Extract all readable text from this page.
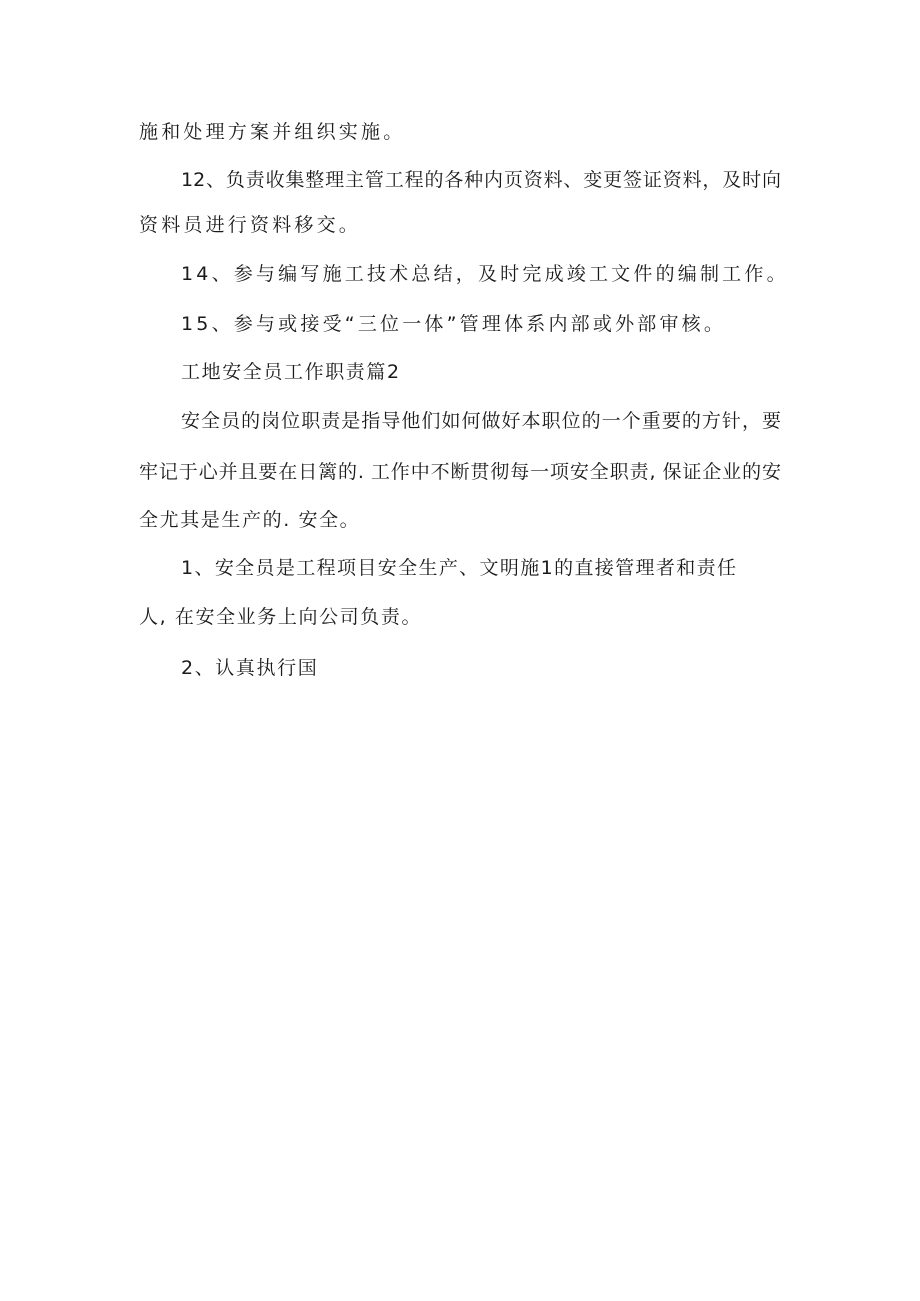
施和处理方案并组织实施。
12、负责收集整理主管工程的各种内页资料、变更签证资料，及时向
资料员进行资料移交。
14、参与编写施工技术总结，及时完成竣工文件的编制工作。
15、参与或接受“三位一体”管理体系内部或外部审核。
工地安全员工作职责篇2
安全员的岗位职责是指导他们如何做好本职位的一个重要的方针，要
牢记于心并且要在日篱的. 工作中不断贯彻每一项安全职责, 保证企业的安
全尤其是生产的. 安全。
1、安全员是工程项目安全生产、文明施1的直接管理者和责任
人, 在安全业务上向公司负责。
2、认真执行国
